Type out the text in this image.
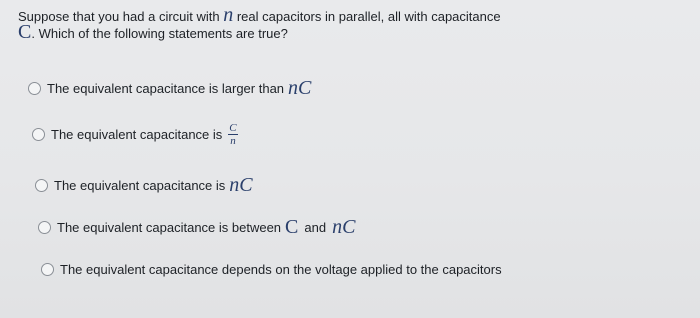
Suppose that you had a circuit with n real capacitors in parallel, all with capacitance
C. Which of the following statements are true?
The equivalent capacitance is larger than nC
The equivalent capacitance is $\frac{C}{n}$
The equivalent capacitance is nC
The equivalent capacitance is between C and nC
The equivalent capacitance depends on the voltage applied to the capacitors
